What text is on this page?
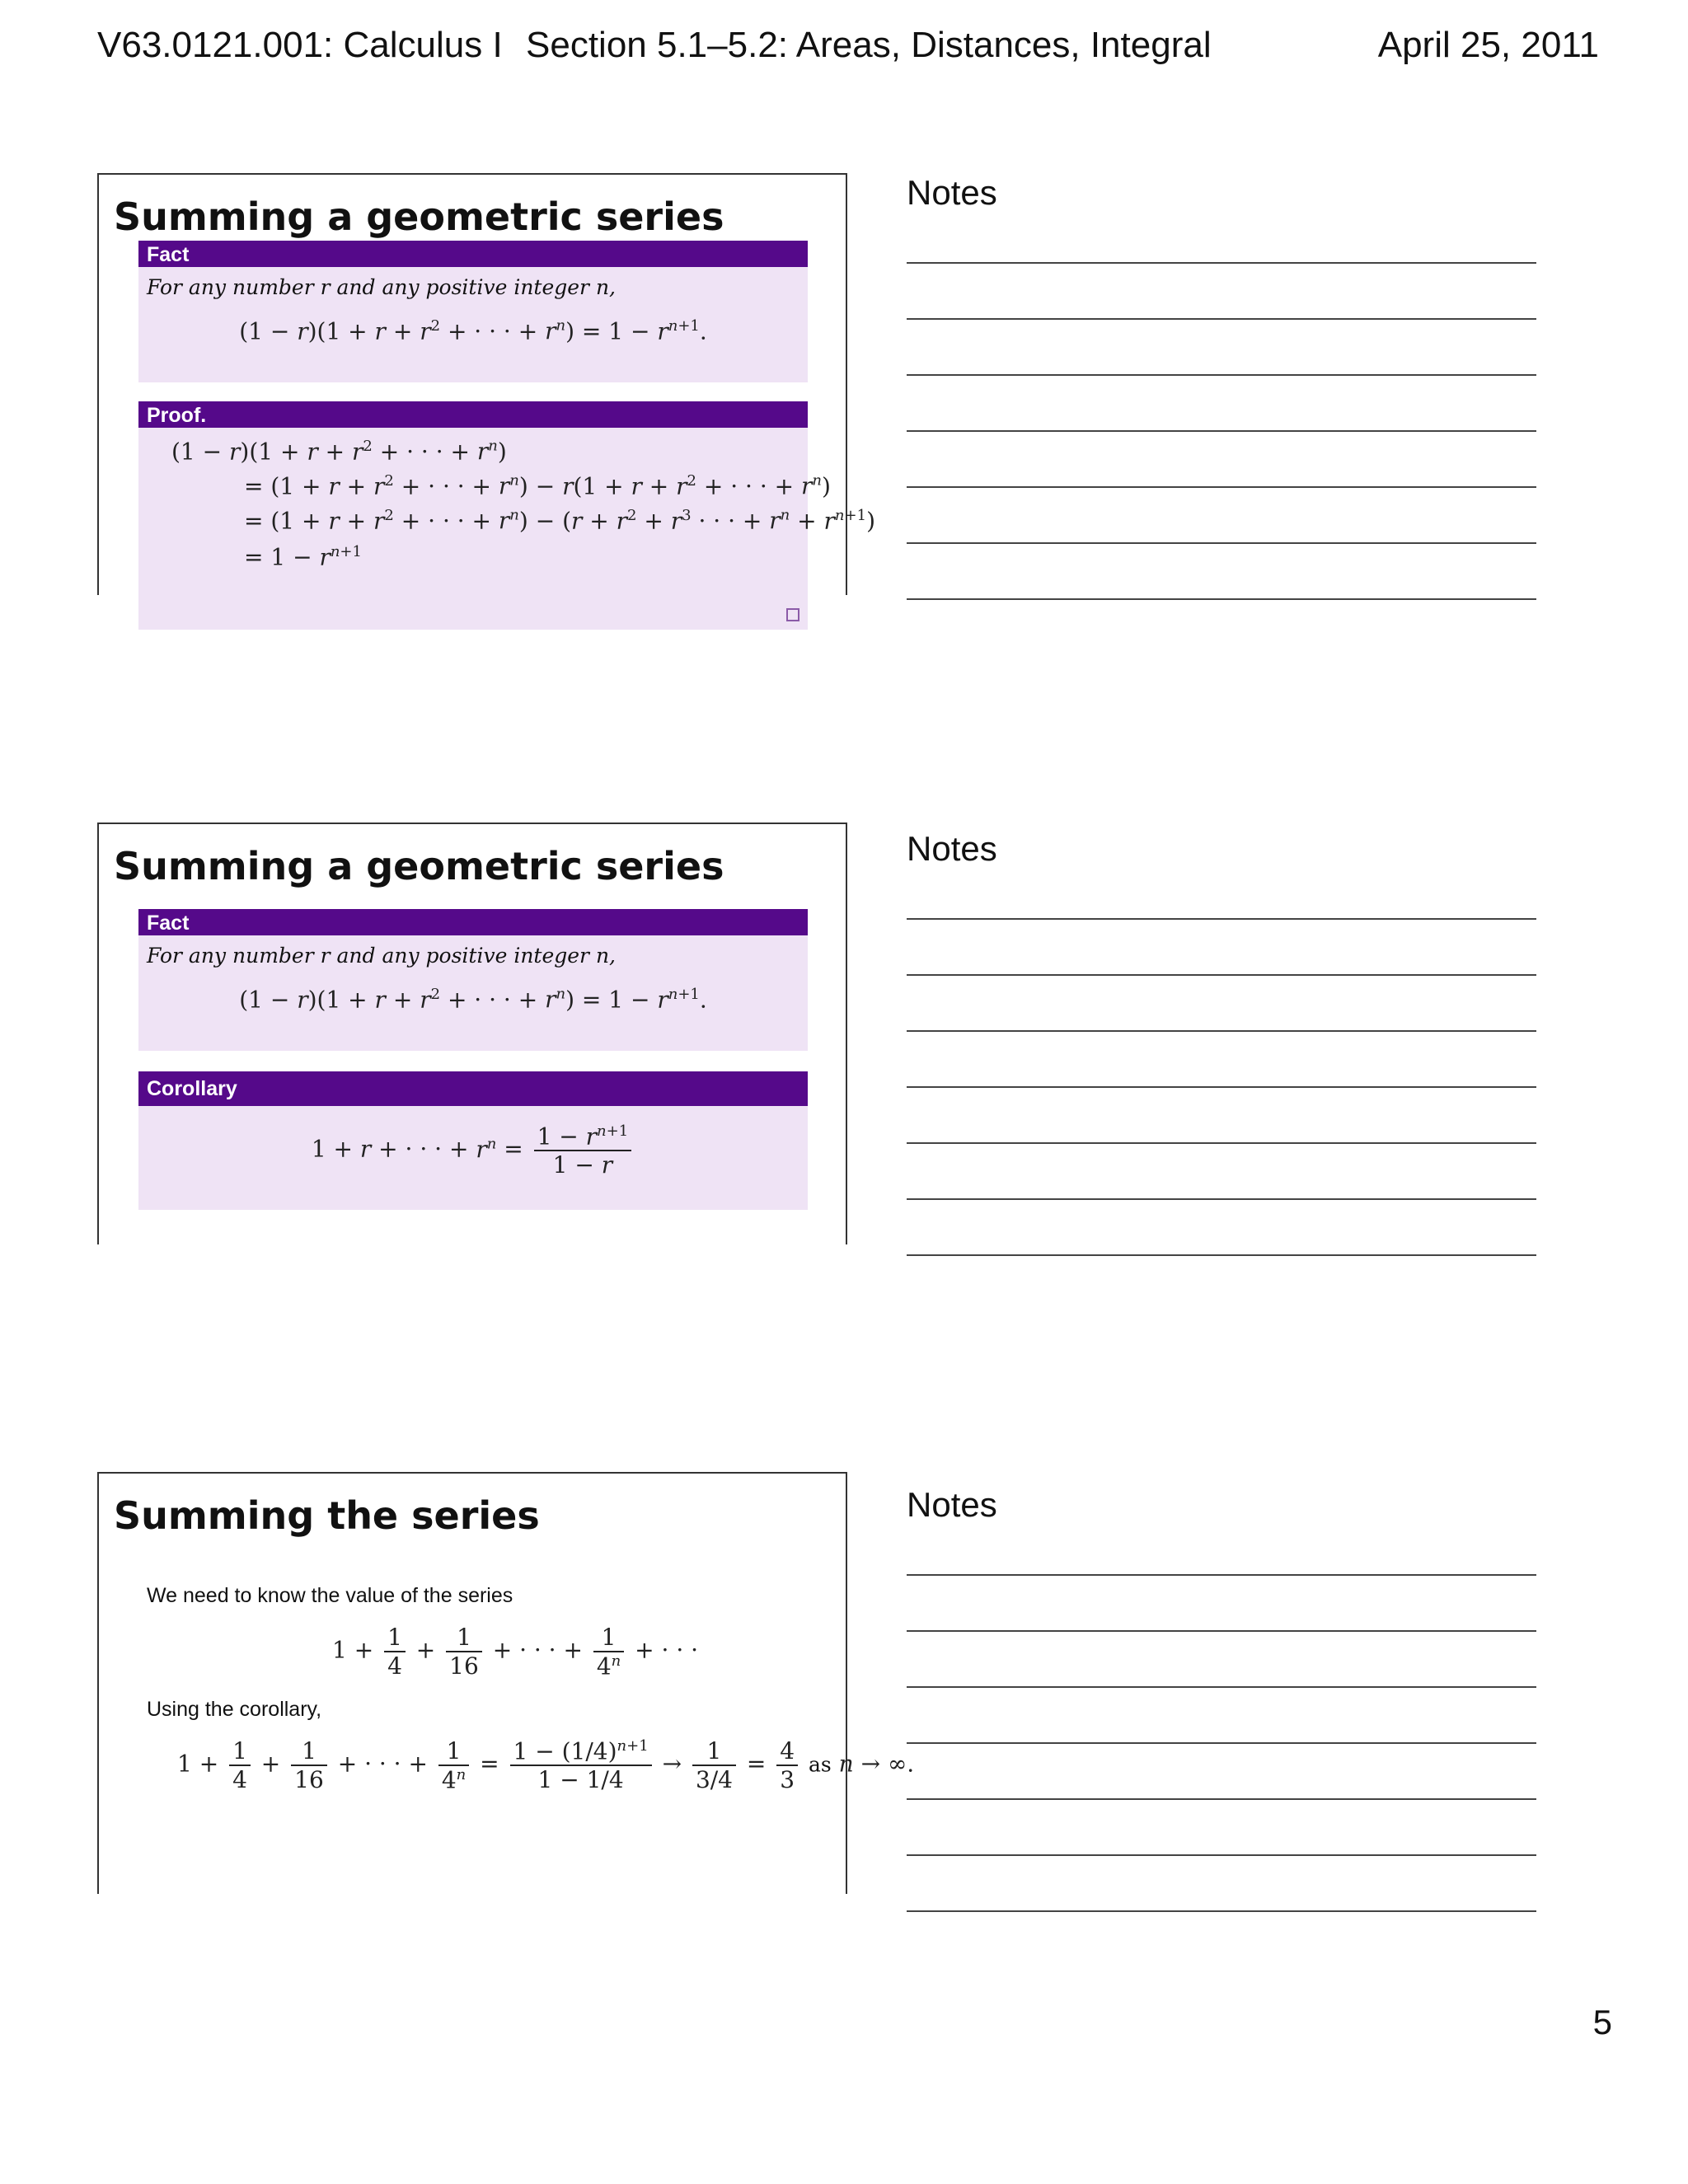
V63.0121.001: Calculus I Section 5.1–5.2: Areas, Distances, Integral	April 25, 2011
Summing a geometric series
Fact
For any number r and any positive integer n,
$(1 - r)(1 + r + r^2$ + · · · + $r^n) = 1 - r^{n+1}$.
Proof.
$(1 - r)(1 + r + r^2$ + · · · + $r^n$)
= ($1 + r + r^2$ + · · · + $r^n) - r(1 + r + r^2$ + · · · + $r^n$)
= ($1 + r + r^2$ + · · · + $r^n) - (r + r^2 + r^3$ · · · + $r^n + r^{n+1}$)
= $1 - r^{n+1}$
Summing a geometric series
Fact
For any number r and any positive integer n,
$(1 - r)(1 + r + r^2$ + · · · + $r^n) = 1 - r^{n+1}$.
Corollary
1 + r + · · · + $r^n = \frac{1 - r^{n+1}}{1 - r}$
Summing the series
We need to know the value of the series
$1 + \frac{1}{4} + \frac{1}{16}$ + · · · + $\frac{1}{4^n}$ + · · ·
Using the corollary,
$1 + \frac{1}{4} + \frac{1}{16}$ + · · · + $\frac{1}{4^n} = \frac{1 - (1/4)^{n+1}}{1 - 1/4} \to \frac{1}{3/4} = \frac{4}{3}$ as n → ∞.
Notes
Notes
Notes
5
